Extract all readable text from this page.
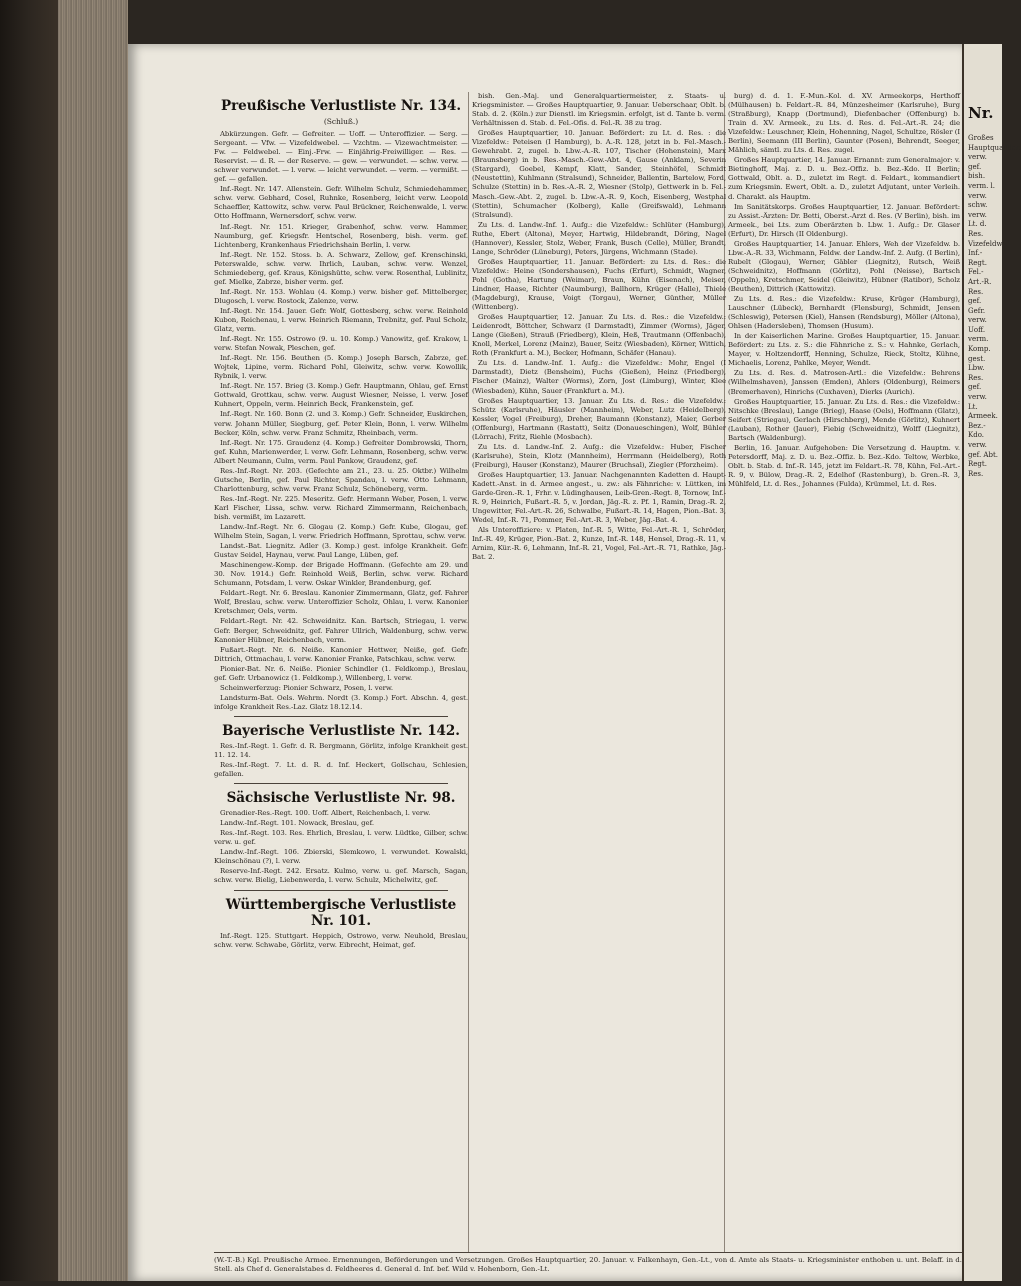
Preußische Verlustliste Nr. 134.
(Schluß.)

Abkürzungen. Gefr. — Gefreiter. — Uoff. — Unteroffizier. — Serg. — Sergeant. — Vfw. — Vizefeldwebel. — Vzchtm. — Vizewachtmeister. — Fw. — Feldwebel. — Einj.-Frw. — Einjährig-Freiwilliger. — Res. — Reservist. — d. R. — der Reserve. — gew. — verwundet. — schw. verw. — schwer verwundet. — l. verw. — leicht verwundet. — verm. — vermißt. — gef. — gefallen.

Inf.-Regt. Nr. 147. Allenstein. Gefr. Wilhelm Schulz, Schmiedehammer, schw. verw. Gebhard, Cosel, Ruhnke, Rosenberg, leicht verw. Leopold Schaeffler, Kattowitz, schw. verw. Paul Brückner, Reichenwalde, l. verw. Otto Hoffmann, Wernersdorf, schw. verw.

Inf.-Regt. Nr. 151. Krieger, Grabenhof, schw. verw. Hammer, Naumburg, gef. Kriegsfr. Hentschel, Rosenberg, bish. verm. gef. Lichtenberg, Krankenhaus Friedrichshain Berlin, l. verw.

Inf.-Regt. Nr. 152. Stoss. b. A. Schwarz, Zellow, gef. Krenschinski, Peterswalde, schw. verw. Ihrlich, Lauban, schw. verw. Wenzel, Schmiedeberg, gef. Kraus, Königshütte, schw. verw. Rosenthal, Lublinitz, gef. Mielke, Zabrze, bisher verm. gef.

Inf.-Regt. Nr. 153. Wohlau (4. Komp.) verw. bisher gef. Mittelberger, Dlugosch, l. verw. Rostock, Zalenze, verw.

Inf.-Regt. Nr. 154. Jauer. Gefr. Wolf, Gottesberg, schw. verw. Reinhold Kubon, Reichenau, l. verw. Heinrich Riemann, Trebnitz, gef. Paul Scholz, Glatz, verm.

Inf.-Regt. Nr. 155. Ostrowo (9. u. 10. Komp.) Vanowitz, gef. Krakow, l. verw. Stefan Nowak, Pleschen, gef.

Inf.-Regt. Nr. 156. Beuthen (5. Komp.) Joseph Barsch, Zabrze, gef. Wojtek, Lipine, verm. Richard Pohl, Gleiwitz, schw. verw. Kowollik, Rybnik, l. verw.

Inf.-Regt. Nr. 157. Brieg (3. Komp.) Gefr. Hauptmann, Ohlau, gef. Ernst Gottwald, Grottkau, schw. verw. August Wiesner, Neisse, l. verw. Josef Kuhnert, Oppeln, verm. Heinrich Beck, Frankenstein, gef.

Inf.-Regt. Nr. 160. Bonn (2. und 3. Komp.) Gefr. Schneider, Euskirchen, verw. Johann Müller, Siegburg, gef. Peter Klein, Bonn, l. verw. Wilhelm Becker, Köln, schw. verw. Franz Schmitz, Rheinbach, verm.

Inf.-Regt. Nr. 175. Graudenz (4. Komp.) Gefreiter Dombrowski, Thorn, gef. Kuhn, Marienwerder, l. verw. Gefr. Lehmann, Rosenberg, schw. verw. Albert Neumann, Culm, verm. Paul Pankow, Graudenz, gef.

Res.-Inf.-Regt. Nr. 203. (Gefechte am 21., 23. u. 25. Oktbr.) Wilhelm Gutsche, Berlin, gef. Paul Richter, Spandau, l. verw. Otto Lehmann, Charlottenburg, schw. verw. Franz Schulz, Schöneberg, verm.

Res.-Inf.-Regt. Nr. 225. Meseritz. Gefr. Hermann Weber, Posen, l. verw. Karl Fischer, Lissa, schw. verw. Richard Zimmermann, Reichenbach, bish. vermißt, im Lazarett.

Landw.-Inf.-Regt. Nr. 6. Glogau (2. Komp.) Gefr. Kube, Glogau, gef. Wilhelm Stein, Sagan, l. verw. Friedrich Hoffmann, Sprottau, schw. verw.

Landst.-Bat. Liegnitz. Adler (3. Komp.) gest. infolge Krankheit. Gefr. Gustav Seidel, Haynau, verw. Paul Lange, Lüben, gef.

Maschinengew.-Komp. der Brigade Hoffmann. (Gefechte am 29. und 30. Nov. 1914.) Gefr. Reinhold Weiß, Berlin, schw. verw. Richard Schumann, Potsdam, l. verw. Oskar Winkler, Brandenburg, gef.

Feldart.-Regt. Nr. 6. Breslau. Kanonier Zimmermann, Glatz, gef. Fahrer Wolf, Breslau, schw. verw. Unteroffizier Scholz, Ohlau, l. verw. Kanonier Kretschmer, Oels, verm.

Feldart.-Regt. Nr. 42. Schweidnitz. Kan. Bartsch, Striegau, l. verw. Gefr. Berger, Schweidnitz, gef. Fahrer Ullrich, Waldenburg, schw. verw. Kanonier Hübner, Reichenbach, verm.

Fußart.-Regt. Nr. 6. Neiße. Kanonier Hettwer, Neiße, gef. Gefr. Dittrich, Ottmachau, l. verw. Kanonier Franke, Patschkau, schw. verw.

Pionier-Bat. Nr. 6. Neiße. Pionier Schindler (1. Feldkomp.), Breslau, gef. Gefr. Urbanowicz (1. Feldkomp.), Willenberg, l. verw.

Scheinwerferzug: Pionier Schwarz, Posen, l. verw.

Landsturm-Bat. Oels. Wehrm. Nordt (3. Komp.) Fort. Abschn. 4, gest. infolge Krankheit Res.-Laz. Glatz 18.12.14.

Bayerische Verlustliste Nr. 142.

Res.-Inf.-Regt. 1. Gefr. d. R. Bergmann, Görlitz, infolge Krankheit gest. 11. 12. 14.

Res.-Inf.-Regt. 7. Lt. d. R. d. Inf. Heckert, Gollschau, Schlesien, gefallen.

Sächsische Verlustliste Nr. 98.

Grenadier-Res.-Regt. 100. Uoff. Albert, Reichenbach, l. verw.

Landw.-Inf.-Regt. 101. Nowack, Breslau, gef.

Res.-Inf.-Regt. 103. Res. Ehrlich, Breslau, l. verw. Lüdtke, Gilber, schw. verw. u. gef.

Landw.-Inf.-Regt. 106. Zbierski, Slemkowo, l. verwundet. Kowalski, Kleinschönau (?), l. verw.

Reserve-Inf.-Regt. 242. Ersatz. Kulmo, verw. u. gef. Marsch, Sagan, schw. verw. Bielig, Liebenwerda, l. verw. Schulz, Michelwitz, gef.

Württembergische Verlustliste Nr. 101.

Inf.-Regt. 125. Stuttgart. Heppich, Ostrowo, verw. Neuhold, Breslau, schw. verw. Schwabe, Görlitz, verw. Eibrecht, Heimat, gef.

bish. Gen.-Maj. und Generalquartiermeister, z. Staats- u. Kriegsminister. — Großes Hauptquartier, 9. Januar. Ueberschaar, Oblt. b. Stab. d. 2. (Köln.) zur Dienstl. im Kriegsmin. erfolgt, ist d. Tante b. verm. Verhältnissen d. Stab. d. Fel.-Ofis. d. Fel.-R. 38 zu trag.

Großes Hauptquartier, 10. Januar. Befördert: zu Lt. d. Res. : die Vizefeldw.: Peteisen (I Hamburg), b. A.-R. 128, jetzt in b. Fel.-Masch.-Gewehrabt. 2, zugel. b. Lbw.-A.-R. 107, Tischer (Hohenstein), Marx (Braunsberg) in b. Res.-Masch.-Gew.-Abt. 4, Gause (Anklam), Severin (Stargard), Goebel, Kempf, Klatt, Sander, Steinhöfel, Schmidt (Neustettin), Kuhlmann (Stralsund), Schneider, Ballentin, Bartelow, Ford, Schulze (Stettin) in b. Res.-A.-R. 2, Wiesner (Stolp), Gettwerk in b. Fel.-Masch.-Gew.-Abt. 2, zugel. b. Lbw.-A.-R. 9, Koch, Eisenberg, Westphal (Stettin), Schumacher (Kolberg), Kalle (Greifswald), Lehmann (Stralsund).

Zu Lts. d. Landw.-Inf. 1. Aufg.: die Vizefeldw.: Schlüter (Hamburg), Ruthe, Ebert (Altona), Meyer, Hartwig, Hildebrandt, Döring, Nagel (Hannover), Kessler, Stolz, Weber, Frank, Busch (Celle), Müller, Brandt, Lange, Schröder (Lüneburg), Peters, Jürgens, Wichmann (Stade).

Großes Hauptquartier, 11. Januar. Befördert: zu Lts. d. Res.: die Vizefeldw.: Heine (Sondershausen), Fuchs (Erfurt), Schmidt, Wagner, Pohl (Gotha), Hartung (Weimar), Braun, Kühn (Eisenach), Meiser, Lindner, Haase, Richter (Naumburg), Ballhorn, Krüger (Halle), Thiele (Magdeburg), Krause, Voigt (Torgau), Werner, Günther, Müller (Wittenberg).

Großes Hauptquartier, 12. Januar. Zu Lts. d. Res.: die Vizefeldw.: Leidenrodt, Böttcher, Schwarz (I Darmstadt), Zimmer (Worms), Jäger, Lange (Gießen), Strauß (Friedberg), Klein, Heß, Trautmann (Offenbach), Knoll, Merkel, Lorenz (Mainz), Bauer, Seitz (Wiesbaden), Körner, Wittich, Roth (Frankfurt a. M.), Becker, Hofmann, Schäfer (Hanau).

Zu Lts. d. Landw.-Inf. 1. Aufg.: die Vizefeldw.: Mohr, Engel (I Darmstadt), Dietz (Bensheim), Fuchs (Gießen), Heinz (Friedberg), Fischer (Mainz), Walter (Worms), Zorn, Jost (Limburg), Winter, Klee (Wiesbaden), Kühn, Sauer (Frankfurt a. M.).

Großes Hauptquartier, 13. Januar. Zu Lts. d. Res.: die Vizefeldw.: Schütz (Karlsruhe), Häusler (Mannheim), Weber, Lutz (Heidelberg), Kessler, Vogel (Freiburg), Dreher, Baumann (Konstanz), Maier, Gerber (Offenburg), Hartmann (Rastatt), Seitz (Donaueschingen), Wolf, Bühler (Lörrach), Fritz, Riehle (Mosbach).

Zu Lts. d. Landw.-Inf. 2. Aufg.: die Vizefeldw.: Huber, Fischer (Karlsruhe), Stein, Klotz (Mannheim), Herrmann (Heidelberg), Roth (Freiburg), Hauser (Konstanz), Maurer (Bruchsal), Ziegler (Pforzheim).

Großes Hauptquartier, 13. Januar. Nachgenannten Kadetten d. Haupt-Kadett.-Anst. in d. Armee angest., u. zw.: als Fähnriche: v. Lüttken, im Garde-Gren.-R. 1, Frhr. v. Lüdinghausen, Leib-Gren.-Regt. 8, Tornow, Inf.-R. 9, Heinrich, Fußart.-R. 5, v. Jordan, Jäg.-R. z. Pf. 1, Ramin, Drag.-R. 2, Ungewitter, Fel.-Art.-R. 26, Schwalbe, Fußart.-R. 14, Hagen, Pion.-Bat. 3, Wedel, Inf.-R. 71, Pommer, Fel.-Art.-R. 3, Weber, Jäg.-Bat. 4.

Als Unteroffiziere: v. Platen, Inf.-R. 5, Witte, Fel.-Art.-R. 1, Schröder, Inf.-R. 49, Krüger, Pion.-Bat. 2, Kunze, Inf.-R. 148, Hensel, Drag.-R. 11, v. Arnim, Kür.-R. 6, Lehmann, Inf.-R. 21, Vogel, Fel.-Art.-R. 71, Rathke, Jäg.-Bat. 2.

burg) d. d. 1. F.-Mun.-Kol. d. XV. Armeekorps, Herthoff (Mülhausen) b. Feldart.-R. 84, Münzesheimer (Karlsruhe), Burg (Straßburg), Knapp (Dortmund), Diefenbacher (Offenburg) b. Train d. XV. Armeek., zu Lts. d. Res. d. Fel.-Art.-R. 24; die Vizefeldw.: Leuschner, Klein, Hohenning, Nagel, Schultze, Rösler (I Berlin), Seemann (III Berlin), Gaunter (Posen), Behrendt, Seeger, Mählich, sämtl. zu Lts. d. Res. zugel.

Großes Hauptquartier, 14. Januar. Ernannt: zum Generalmajor: v. Bietinghoff, Maj. z. D. u. Bez.-Offiz. b. Bez.-Kdo. II Berlin; Gottwald, Oblt. a. D., zuletzt im Regt. d. Feldart., kommandiert zum Kriegsmin. Ewert, Oblt. a. D., zuletzt Adjutant, unter Verleih. d. Charakt. als Hauptm.

Im Sanitätskorps. Großes Hauptquartier, 12. Januar. Befördert: zu Assist.-Ärzten: Dr. Betti, Oberst.-Arzt d. Res. (V Berlin), bish. im Armeek., bei Lts. zum Oberärzten b. Lbw. 1. Aufg.: Dr. Glaser (Erfurt), Dr. Hirsch (II Oldenburg).

Großes Hauptquartier, 14. Januar. Ehlers, Weh der Vizefeldw. b. Lbw.-A.-R. 33, Wichmann, Feldw. der Landw.-Inf. 2. Aufg. (I Berlin), Rubelt (Glogau), Werner, Gäbler (Liegnitz), Rutsch, Weiß (Schweidnitz), Hoffmann (Görlitz), Pohl (Neisse), Bartsch (Oppeln), Kretschmer, Seidel (Gleiwitz), Hübner (Ratibor), Scholz (Beuthen), Dittrich (Kattowitz).

Zu Lts. d. Res.: die Vizefeldw.: Kruse, Krüger (Hamburg), Lauschner (Lübeck), Bernhardt (Flensburg), Schmidt, Jensen (Schleswig), Petersen (Kiel), Hansen (Rendsburg), Möller (Altona), Ohlsen (Hadersleben), Thomsen (Husum).

In der Kaiserlichen Marine. Großes Hauptquartier, 15. Januar. Befördert: zu Lts. z. S.: die Fähnriche z. S.: v. Hahnke, Gerlach, Mayer, v. Holtzendorff, Henning, Schulze, Rieck, Stoltz, Kühne, Michaelis, Lorenz, Pahlke, Meyer, Wendt.

Zu Lts. d. Res. d. Matrosen-Artl.: die Vizefeldw.: Behrens (Wilhelmshaven), Janssen (Emden), Ahlers (Oldenburg), Reimers (Bremerhaven), Hinrichs (Cuxhaven), Dierks (Aurich).

Großes Hauptquartier, 15. Januar. Zu Lts. d. Res.: die Vizefeldw.: Nitschke (Breslau), Lange (Brieg), Haase (Oels), Hoffmann (Glatz), Seifert (Striegau), Gerlach (Hirschberg), Mende (Görlitz), Kuhnert (Lauban), Rother (Jauer), Fiebig (Schweidnitz), Wolff (Liegnitz), Bartsch (Waldenburg).

Berlin, 16. Januar. Aufgehoben: Die Versetzung d. Hauptm. v. Petersdorff, Maj. z. D. u. Bez.-Offiz. b. Bez.-Kdo. Teltow, Werbke, Oblt. b. Stab. d. Inf.-R. 145, jetzt im Feldart.-R. 78, Kühn, Fel.-Art.-R. 9, v. Bülow, Drag.-R. 2, Edelhof (Rastenburg), b. Gren.-R. 3, Mühlfeld, Lt. d. Res., Johannes (Fulda), Krümmel, Lt. d. Res.

(W.-T.-B.) Kgl. Preußische Armee. Ernennungen, Beförderungen und Versetzungen. Großes Hauptquartier, 20. Januar. v. Falkenhayn, Gen.-Lt., von d. Amte als Staats- u. Kriegsminister enthoben u. unt. Belaff. in d. Stell. als Chef d. Generalstabes d. Feldheeres d. General d. Inf. bef. Wild v. Hohenborn, Gen.-Lt.
Nr.
Großes Hauptquartier. verw. gef. bish. verm. l. verw. schw. verw. Lt. d. Res. Vizefeldw. Inf.-Regt. Fel.-Art.-R. Res. gef. Gefr. verw. Uoff. verm. Komp. gest. Lbw. Res. gef. verw. Lt. Armeek. Bez.-Kdo. verw. gef. Abt. Regt. Res.
